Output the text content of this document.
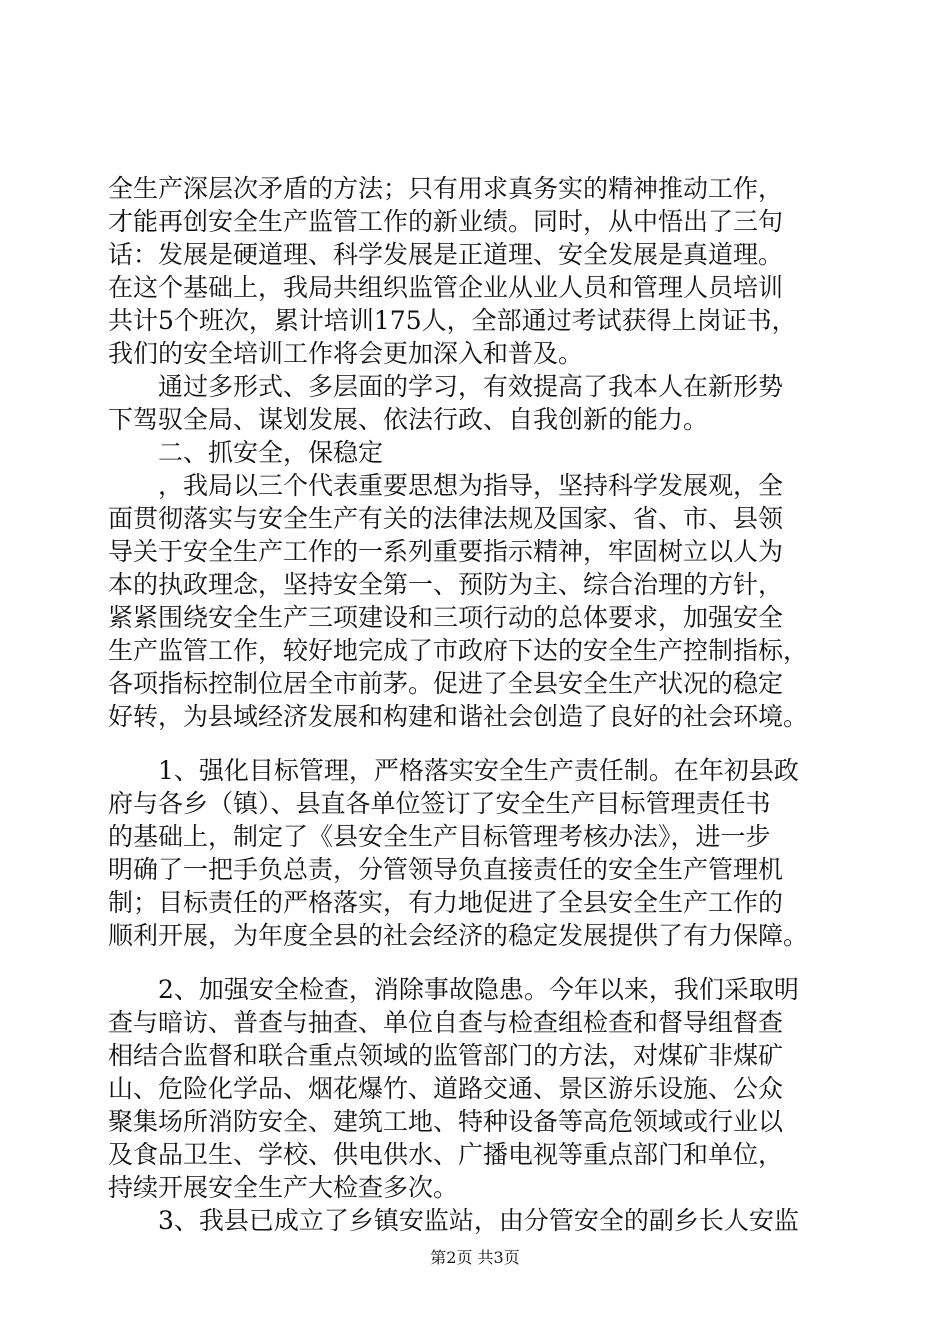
全生产深层次矛盾的方法；只有用求真务实的精神推动工作，
才能再创安全生产监管工作的新业绩。同时，从中悟出了三句
话：发展是硬道理、科学发展是正道理、安全发展是真道理。
在这个基础上，我局共组织监管企业从业人员和管理人员培训
共计5个班次，累计培训175人，全部通过考试获得上岗证书，
我们的安全培训工作将会更加深入和普及。
通过多形式、多层面的学习，有效提高了我本人在新形势
下驾驭全局、谋划发展、依法行政、自我创新的能力。
二、抓安全，保稳定
，我局以三个代表重要思想为指导，坚持科学发展观，全
面贯彻落实与安全生产有关的法律法规及国家、省、市、县领
导关于安全生产工作的一系列重要指示精神，牢固树立以人为
本的执政理念，坚持安全第一、预防为主、综合治理的方针，
紧紧围绕安全生产三项建设和三项行动的总体要求，加强安全
生产监管工作，较好地完成了市政府下达的安全生产控制指标，
各项指标控制位居全市前茅。促进了全县安全生产状况的稳定
好转，为县域经济发展和构建和谐社会创造了良好的社会环境。
1、强化目标管理，严格落实安全生产责任制。在年初县政
府与各乡（镇）、县直各单位签订了安全生产目标管理责任书
的基础上，制定了《县安全生产目标管理考核办法》，进一步
明确了一把手负总责，分管领导负直接责任的安全生产管理机
制；目标责任的严格落实，有力地促进了全县安全生产工作的
顺利开展，为年度全县的社会经济的稳定发展提供了有力保障。
2、加强安全检查，消除事故隐患。今年以来，我们采取明
查与暗访、普查与抽查、单位自查与检查组检查和督导组督查
相结合监督和联合重点领域的监管部门的方法，对煤矿非煤矿
山、危险化学品、烟花爆竹、道路交通、景区游乐设施、公众
聚集场所消防安全、建筑工地、特种设备等高危领域或行业以
及食品卫生、学校、供电供水、广播电视等重点部门和单位，
持续开展安全生产大检查多次。
3、我县已成立了乡镇安监站，由分管安全的副乡长人安监
第2页 共3页
